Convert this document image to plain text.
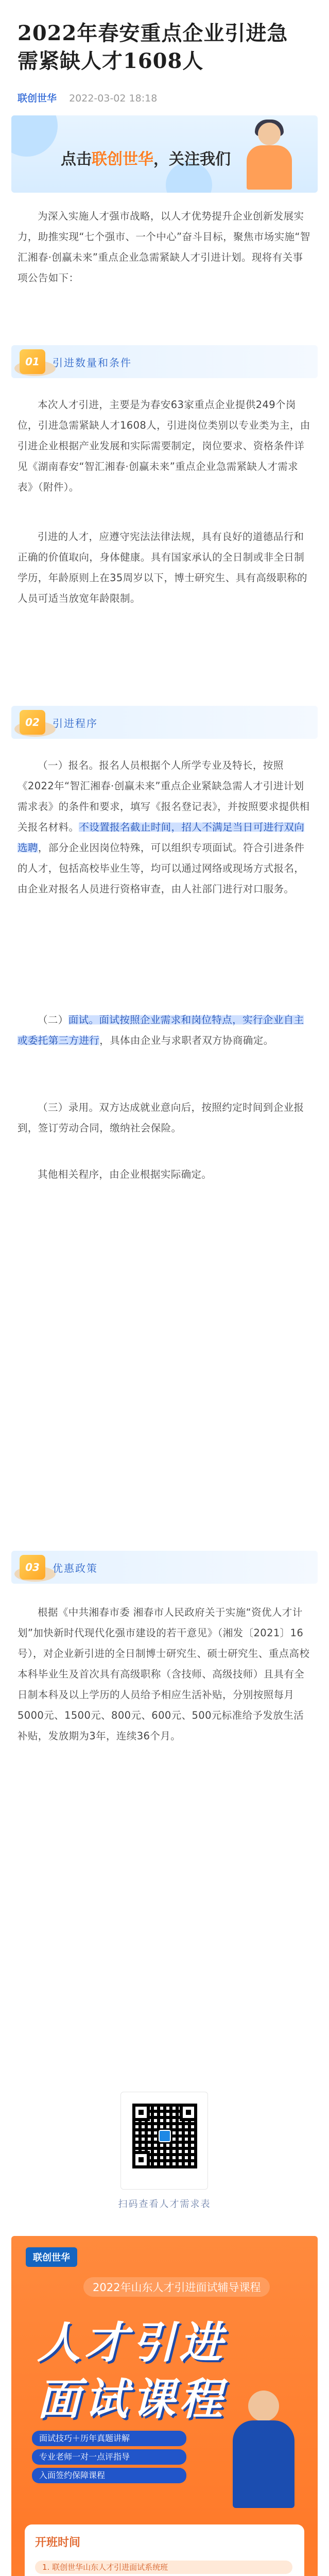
2022年春安重点企业引进急需紧缺人才1608人
联创世华 2022-03-02 18:18
点击联创世华，关注我们

为深入实施人才强市战略，以人才优势提升企业创新发展实力，助推实现“七个强市、一个中心”奋斗目标，聚焦市场实施“智汇湘春·创赢未来”重点企业急需紧缺人才引进计划。现将有关事项公告如下：

01	引进数量和条件

本次人才引进，主要是为春安63家重点企业提供249个岗位，引进急需紧缺人才1608人，引进岗位类别以专业类为主，由引进企业根据产业发展和实际需要制定，岗位要求、资格条件详见《湖南春安“智汇湘春·创赢未来”重点企业急需紧缺人才需求表》（附件）。

引进的人才，应遵守宪法法律法规，具有良好的道德品行和正确的价值取向，身体健康。具有国家承认的全日制或非全日制学历，年龄原则上在35周岁以下，博士研究生、具有高级职称的人员可适当放宽年龄限制。

02	引进程序

（一）报名。报名人员根据个人所学专业及特长，按照《2022年“智汇湘春·创赢未来”重点企业紧缺急需人才引进计划需求表》的条件和要求，填写《报名登记表》，并按照要求提供相关报名材料。不设置报名截止时间，招人不满足当日可进行双向选聘，部分企业因岗位特殊，可以组织专项面试。符合引进条件的人才，包括高校毕业生等，均可以通过网络或现场方式报名，由企业对报名人员进行资格审查，由人社部门进行对口服务。

（二）面试。面试按照企业需求和岗位特点，实行企业自主或委托第三方进行，具体由企业与求职者双方协商确定。

（三）录用。双方达成就业意向后，按照约定时间到企业报到，签订劳动合同，缴纳社会保险。

其他相关程序，由企业根据实际确定。

03	优惠政策

根据《中共湘春市委 湘春市人民政府关于实施“资优人才计划”加快新时代现代化强市建设的若干意见》（湘发〔2021〕16号），对企业新引进的全日制博士研究生、硕士研究生、重点高校本科毕业生及首次具有高级职称（含技师、高级技师）且具有全日制本科及以上学历的人员给予相应生活补贴，分别按照每月5000元、1500元、800元、600元、500元标准给予发放生活补贴，发放期为3年，连续36个月。

扫码查看人才需求表
联创世华
2022年山东人才引进面试辅导课程
人才引进
面试课程
面试技巧＋历年真题讲解
专业老师一对一点评指导
入面签约保障课程
开班时间
1. 联创世华山东人才引进面试系统班
